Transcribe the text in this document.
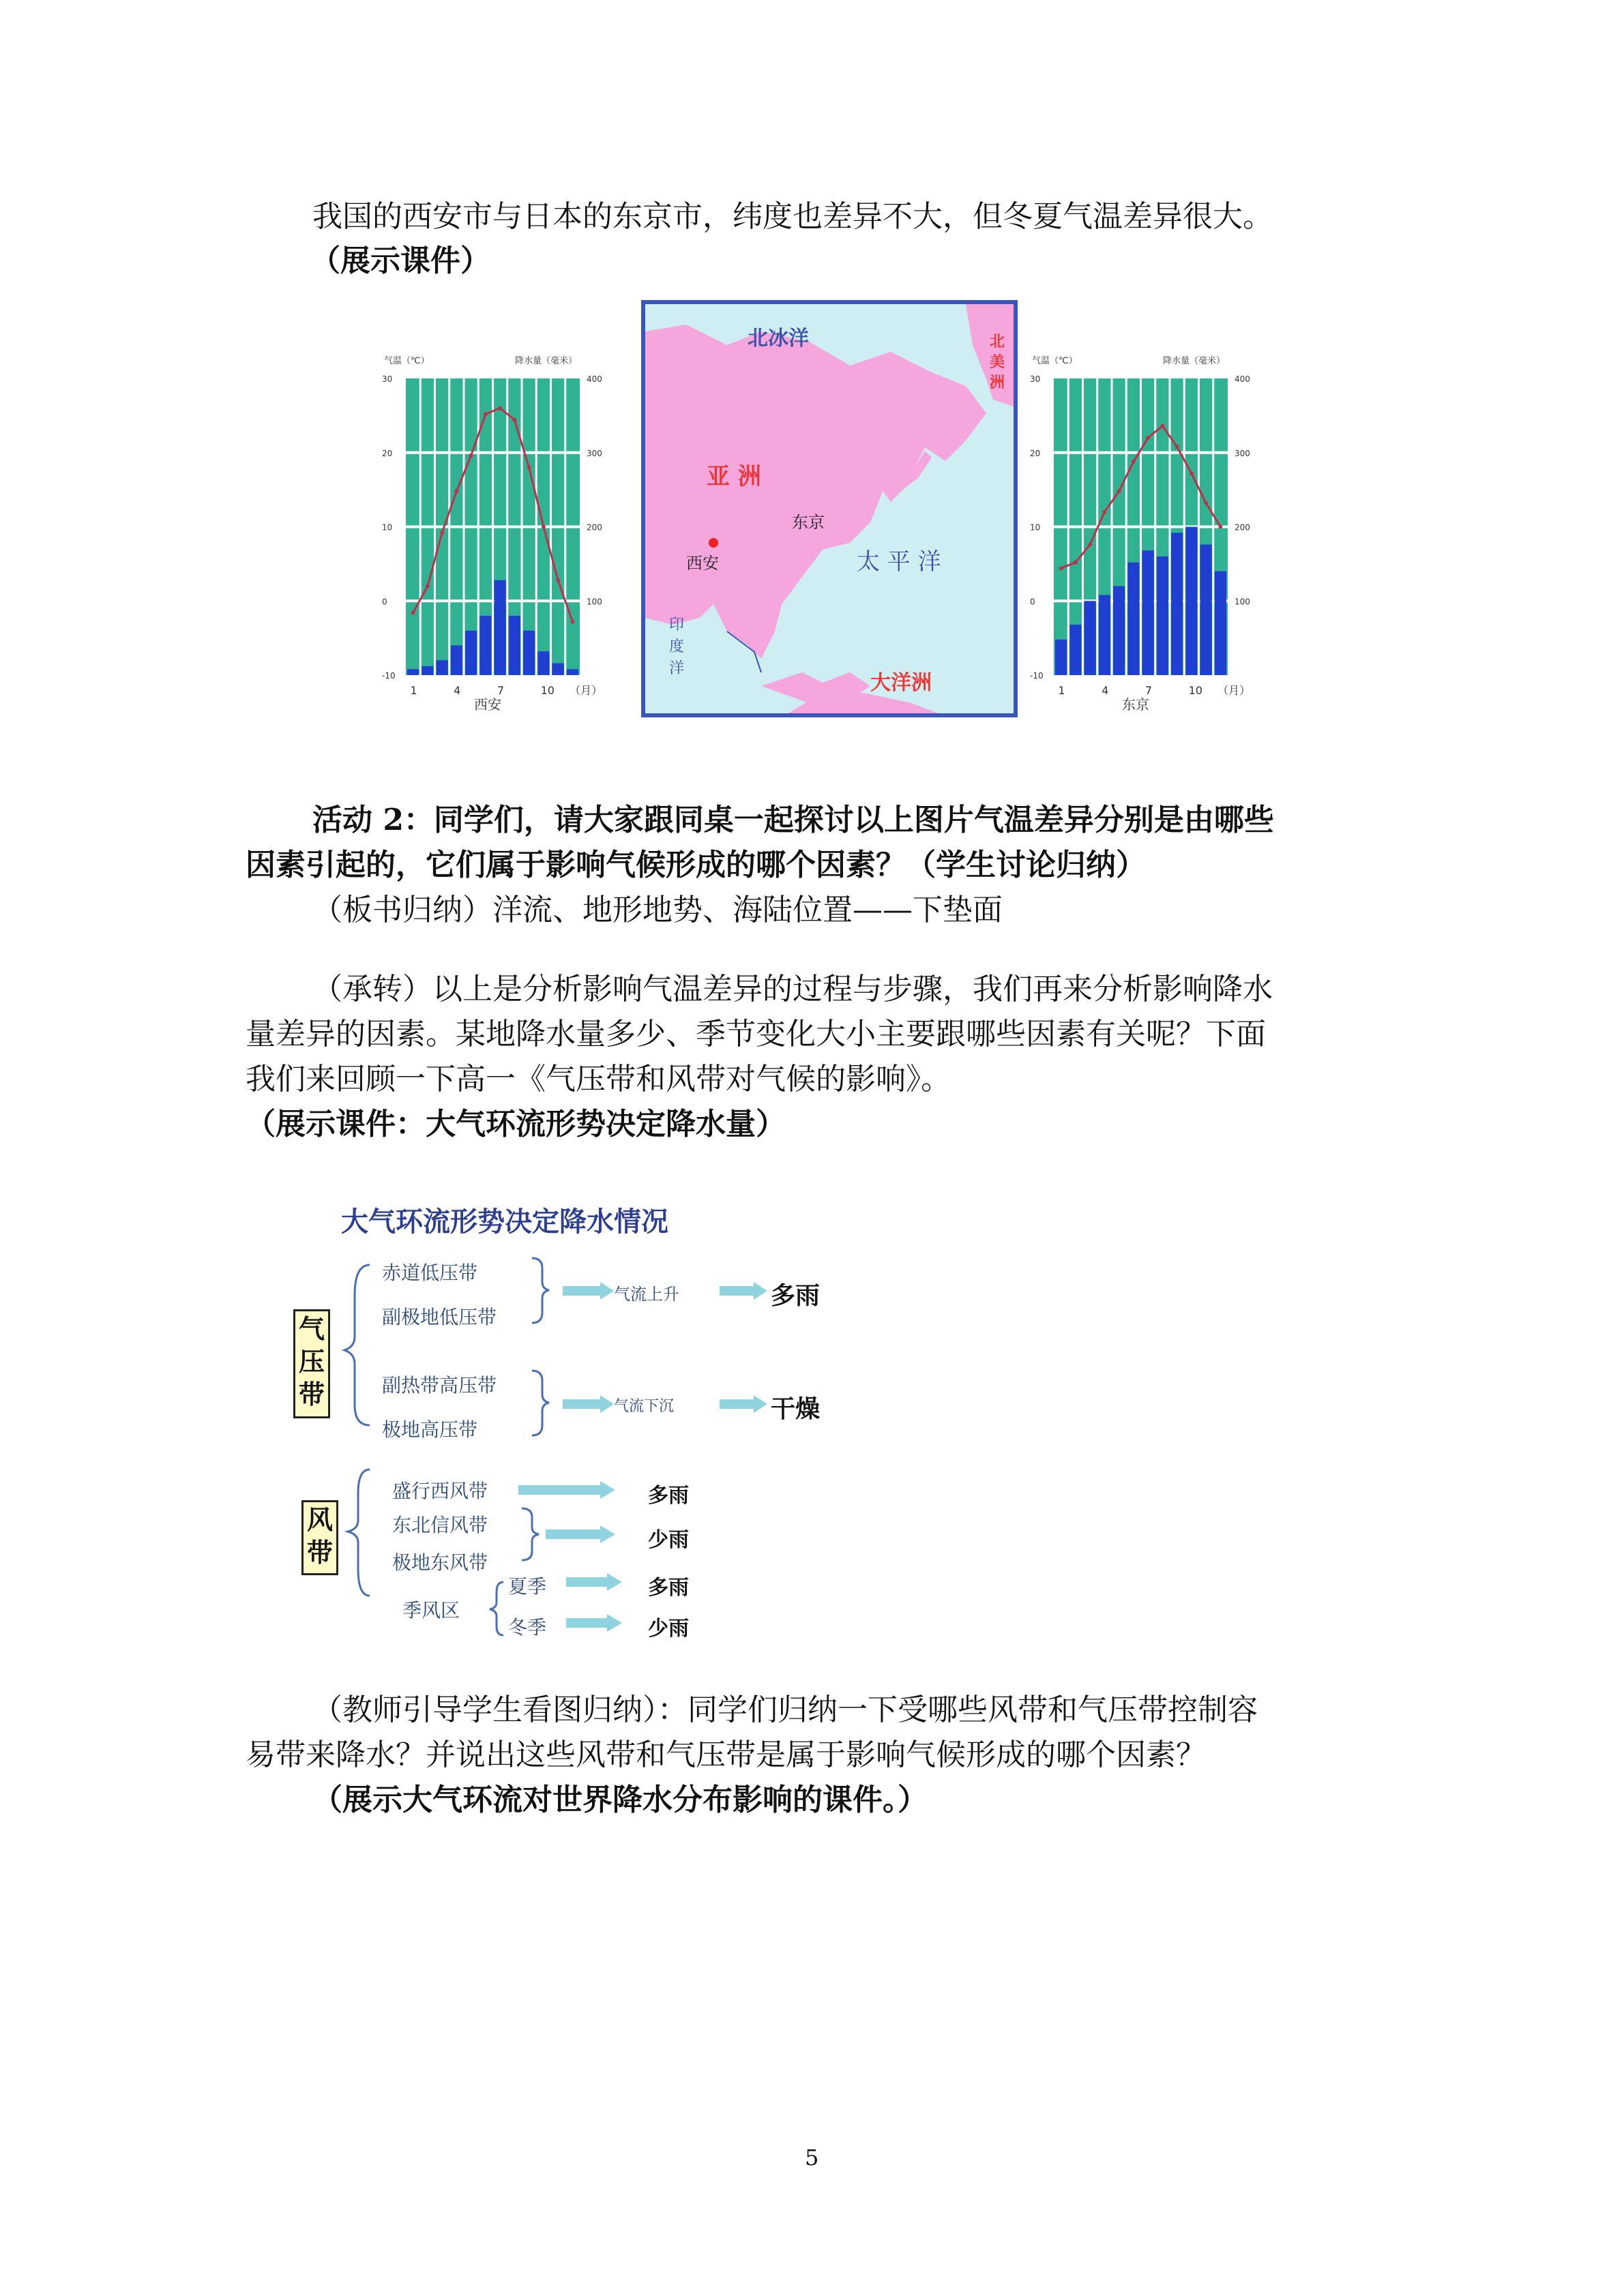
我国的西安市与日本的东京市，纬度也差异不大，但冬夏气温差异很大。
（展示课件）
气温（℃）	降水量（毫米）
30
20
10
0
-10
400
300
200
100
1	4	7	10 （月）
西安
北冰洋	北美洲
亚 洲
东京
西安	太 平 洋
印度洋
大洋洲
气温（℃）	降水量（毫米）
30
20
10
0
-10
400
300
200
100
1	4	7	10 （月）
东京
活动 2：同学们，请大家跟同桌一起探讨以上图片气温差异分别是由哪些
因素引起的，它们属于影响气候形成的哪个因素？（学生讨论归纳）
（板书归纳）洋流、地形地势、海陆位置——下垫面
（承转）以上是分析影响气温差异的过程与步骤，我们再来分析影响降水
量差异的因素。某地降水量多少、季节变化大小主要跟哪些因素有关呢？下面
我们来回顾一下高一《气压带和风带对气候的影响》。
（展示课件：大气环流形势决定降水量）
大气环流形势决定降水情况
气压带
赤道低压带
副极地低压带
副热带高压带
极地高压带
气流上升	多雨
气流下沉	干燥
风带
盛行西风带
东北信风带
极地东风带
季风区
夏季
冬季
多雨
少雨
多雨
少雨
（教师引导学生看图归纳）：同学们归纳一下受哪些风带和气压带控制容
易带来降水？并说出这些风带和气压带是属于影响气候形成的哪个因素？
（展示大气环流对世界降水分布影响的课件。）
5
